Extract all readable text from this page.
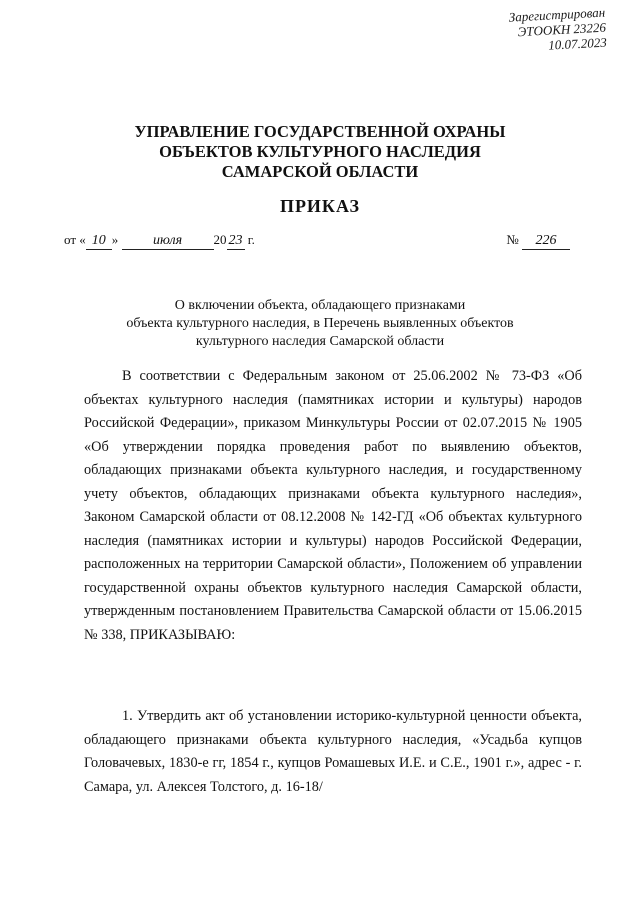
Зарегистрирован
ЭТООКН 23226
10.07.2023
УПРАВЛЕНИЕ ГОСУДАРСТВЕННОЙ ОХРАНЫ
ОБЪЕКТОВ КУЛЬТУРНОГО НАСЛЕДИЯ
САМАРСКОЙ ОБЛАСТИ
ПРИКАЗ
от « 10 » июля 20 23 г.	№ 226
О включении объекта, обладающего признаками
объекта культурного наследия, в Перечень выявленных объектов
культурного наследия Самарской области

В соответствии с Федеральным законом от 25.06.2002 № 73-ФЗ «Об объектах культурного наследия (памятниках истории и культуры) народов Российской Федерации», приказом Минкультуры России от 02.07.2015 № 1905 «Об утверждении порядка проведения работ по выявлению объектов, обладающих признаками объекта культурного наследия, и государственному учету объектов, обладающих признаками объекта культурного наследия», Законом Самарской области от 08.12.2008 № 142-ГД «Об объектах культурного наследия (памятниках истории и культуры) народов Российской Федерации, расположенных на территории Самарской области», Положением об управлении государственной охраны объектов культурного наследия Самарской области, утвержденным постановлением Правительства Самарской области от 15.06.2015 № 338, ПРИКАЗЫВАЮ:

1. Утвердить акт об установлении историко-культурной ценности объекта, обладающего признаками объекта культурного наследия, «Усадьба купцов Головачевых, 1830-е гг, 1854 г., купцов Ромашевых И.Е. и С.Е., 1901 г.», адрес - г. Самара, ул. Алексея Толстого, д. 16-18/
